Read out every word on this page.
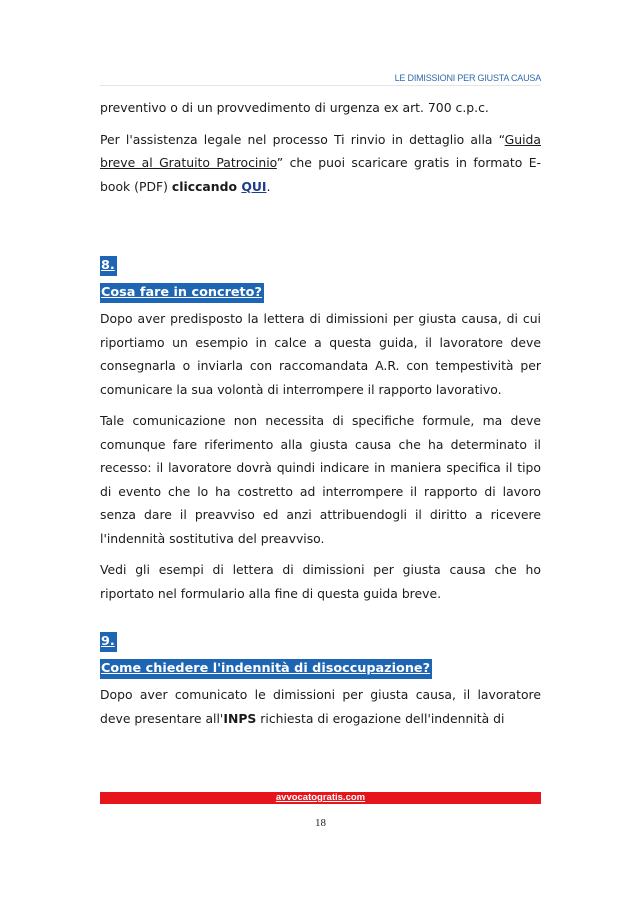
LE DIMISSIONI PER GIUSTA CAUSA

preventivo o di un provvedimento di urgenza ex art. 700 c.p.c.

Per l'assistenza legale nel processo Ti rinvio in dettaglio alla “Guida breve al Gratuito Patrocinio” che puoi scaricare gratis in formato E-book (PDF) cliccando QUI.

8.
Cosa fare in concreto?

Dopo aver predisposto la lettera di dimissioni per giusta causa, di cui riportiamo un esempio in calce a questa guida, il lavoratore deve consegnarla o inviarla con raccomandata A.R. con tempestività per comunicare la sua volontà di interrompere il rapporto lavorativo.

Tale comunicazione non necessita di specifiche formule, ma deve comunque fare riferimento alla giusta causa che ha determinato il recesso: il lavoratore dovrà quindi indicare in maniera specifica il tipo di evento che lo ha costretto ad interrompere il rapporto di lavoro senza dare il preavviso ed anzi attribuendogli il diritto a ricevere l'indennità sostitutiva del preavviso.

Vedi gli esempi di lettera di dimissioni per giusta causa che ho riportato nel formulario alla fine di questa guida breve.

9.
Come chiedere l'indennità di disoccupazione?

Dopo aver comunicato le dimissioni per giusta causa, il lavoratore deve presentare all'INPS richiesta di erogazione dell'indennità di

avvocatogratis.com
18
